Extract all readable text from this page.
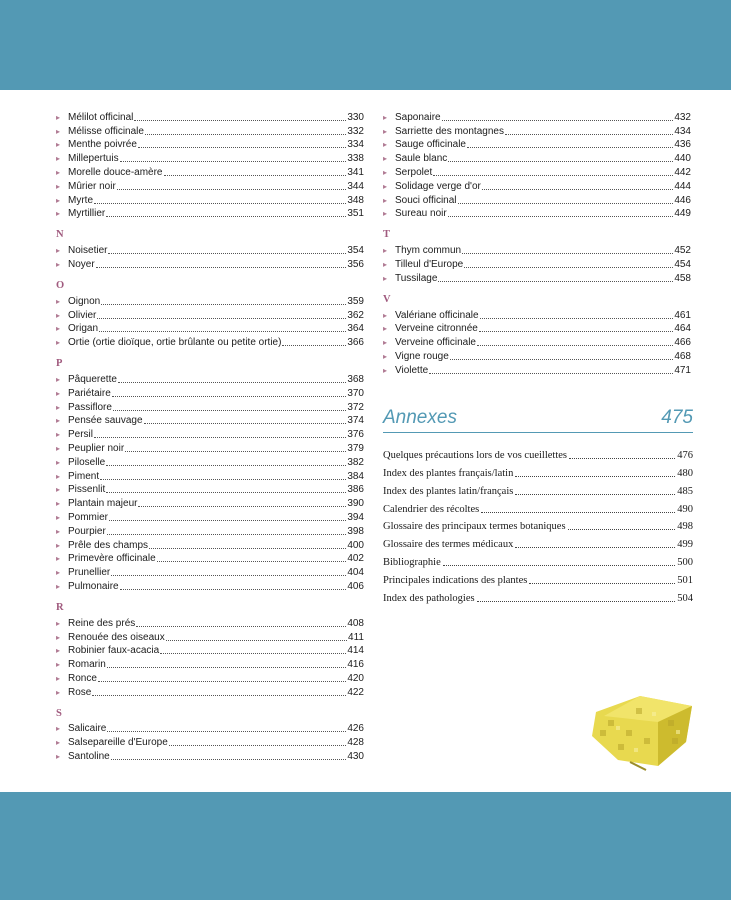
▸ Mélilot officinal	330
▸ Mélisse officinale	332
▸ Menthe poivrée	334
▸ Millepertuis	338
▸ Morelle douce-amère	341
▸ Mûrier noir	344
▸ Myrte	348
▸ Myrtillier	351
N
▸ Noisetier	354
▸ Noyer	356
O
▸ Oignon	359
▸ Olivier	362
▸ Origan	364
▸ Ortie (ortie dioïque, ortie brûlante ou petite ortie)	366
P
▸ Pâquerette	368
▸ Pariétaire	370
▸ Passiflore	372
▸ Pensée sauvage	374
▸ Persil	376
▸ Peuplier noir	379
▸ Piloselle	382
▸ Piment	384
▸ Pissenlit	386
▸ Plantain majeur	390
▸ Pommier	394
▸ Pourpier	398
▸ Prêle des champs	400
▸ Primevère officinale	402
▸ Prunellier	404
▸ Pulmonaire	406
R
▸ Reine des prés	408
▸ Renouée des oiseaux	411
▸ Robinier faux-acacia	414
▸ Romarin	416
▸ Ronce	420
▸ Rose	422
S
▸ Salicaire	426
▸ Salsepareille d'Europe	428
▸ Santoline	430
▸ Saponaire	432
▸ Sarriette des montagnes	434
▸ Sauge officinale	436
▸ Saule blanc	440
▸ Serpolet	442
▸ Solidage verge d'or	444
▸ Souci officinal	446
▸ Sureau noir	449
T
▸ Thym commun	452
▸ Tilleul d'Europe	454
▸ Tussilage	458
V
▸ Valériane officinale	461
▸ Verveine citronnée	464
▸ Verveine officinale	466
▸ Vigne rouge	468
▸ Violette	471
Annexes	475
Quelques précautions lors de vos cueillettes	476
Index des plantes français/latin	480
Index des plantes latin/français	485
Calendrier des récoltes	490
Glossaire des principaux termes botaniques	498
Glossaire des termes médicaux	499
Bibliographie	500
Principales indications des plantes	501
Index des pathologies	504
